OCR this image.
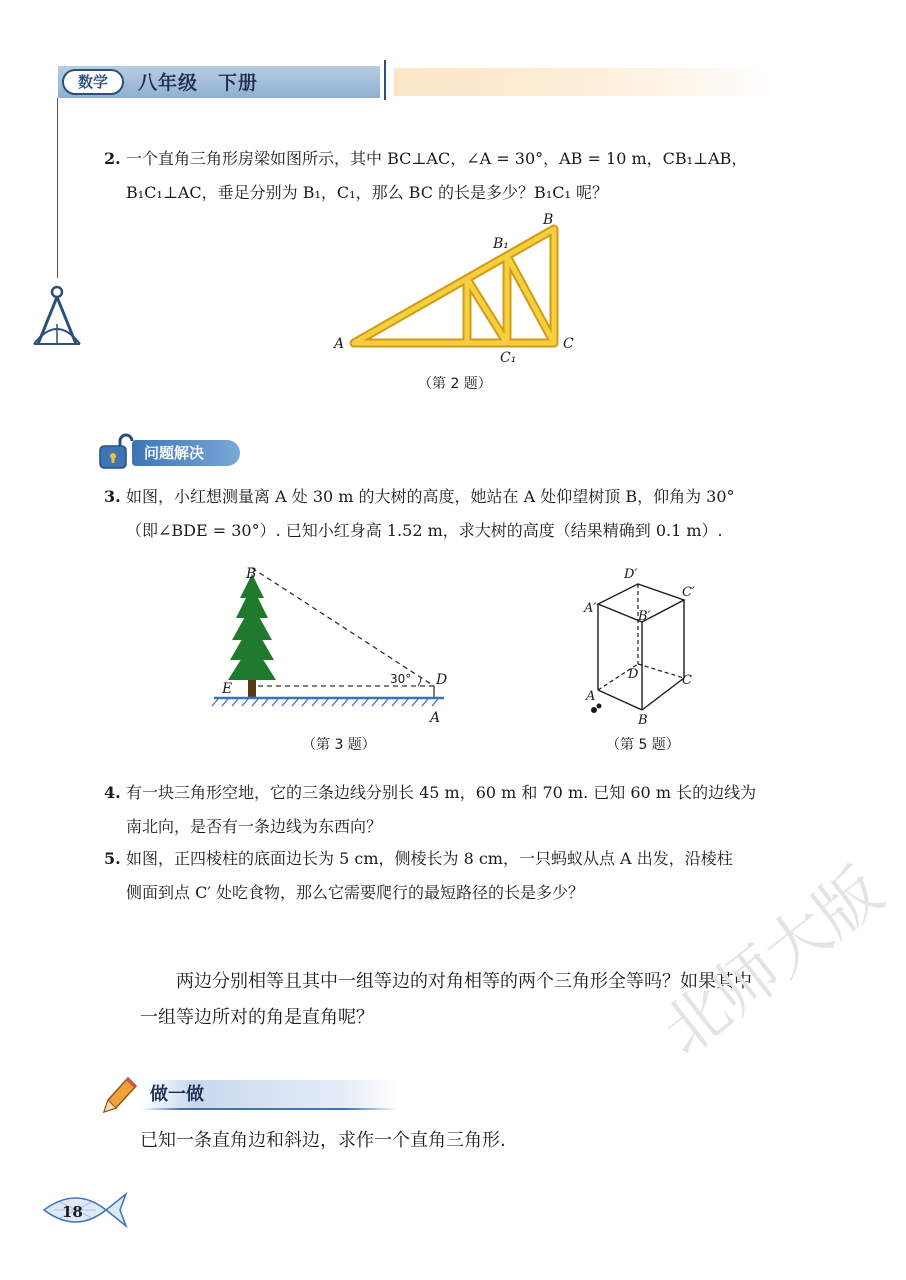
数学	八年级　下册
2. 一个直角三角形房梁如图所示，其中 BC⊥AC，∠A = 30°，AB = 10 m，CB₁⊥AB，
B₁C₁⊥AC，垂足分别为 B₁，C₁，那么 BC 的长是多少？B₁C₁ 呢？
A
B
C
B₁
C₁
（第 2 题）
问题解决
3. 如图，小红想测量离 A 处 30 m 的大树的高度，她站在 A 处仰望树顶 B，仰角为 30°
（即∠BDE = 30°）. 已知小红身高 1.52 m，求大树的高度（结果精确到 0.1 m）.
B
E
D
A
30°
（第 3 题）
D′
C′
A′
B′
D	C
A
B
（第 5 题）
4. 有一块三角形空地，它的三条边线分别长 45 m，60 m 和 70 m. 已知 60 m 长的边线为
南北向，是否有一条边线为东西向？
5. 如图，正四棱柱的底面边长为 5 cm，侧棱长为 8 cm，一只蚂蚁从点 A 出发，沿棱柱
侧面到点 C′ 处吃食物，那么它需要爬行的最短路径的长是多少？
两边分别相等且其中一组等边的对角相等的两个三角形全等吗？如果其中
一组等边所对的角是直角呢？
做一做
已知一条直角边和斜边，求作一个直角三角形.
18
北师大版
